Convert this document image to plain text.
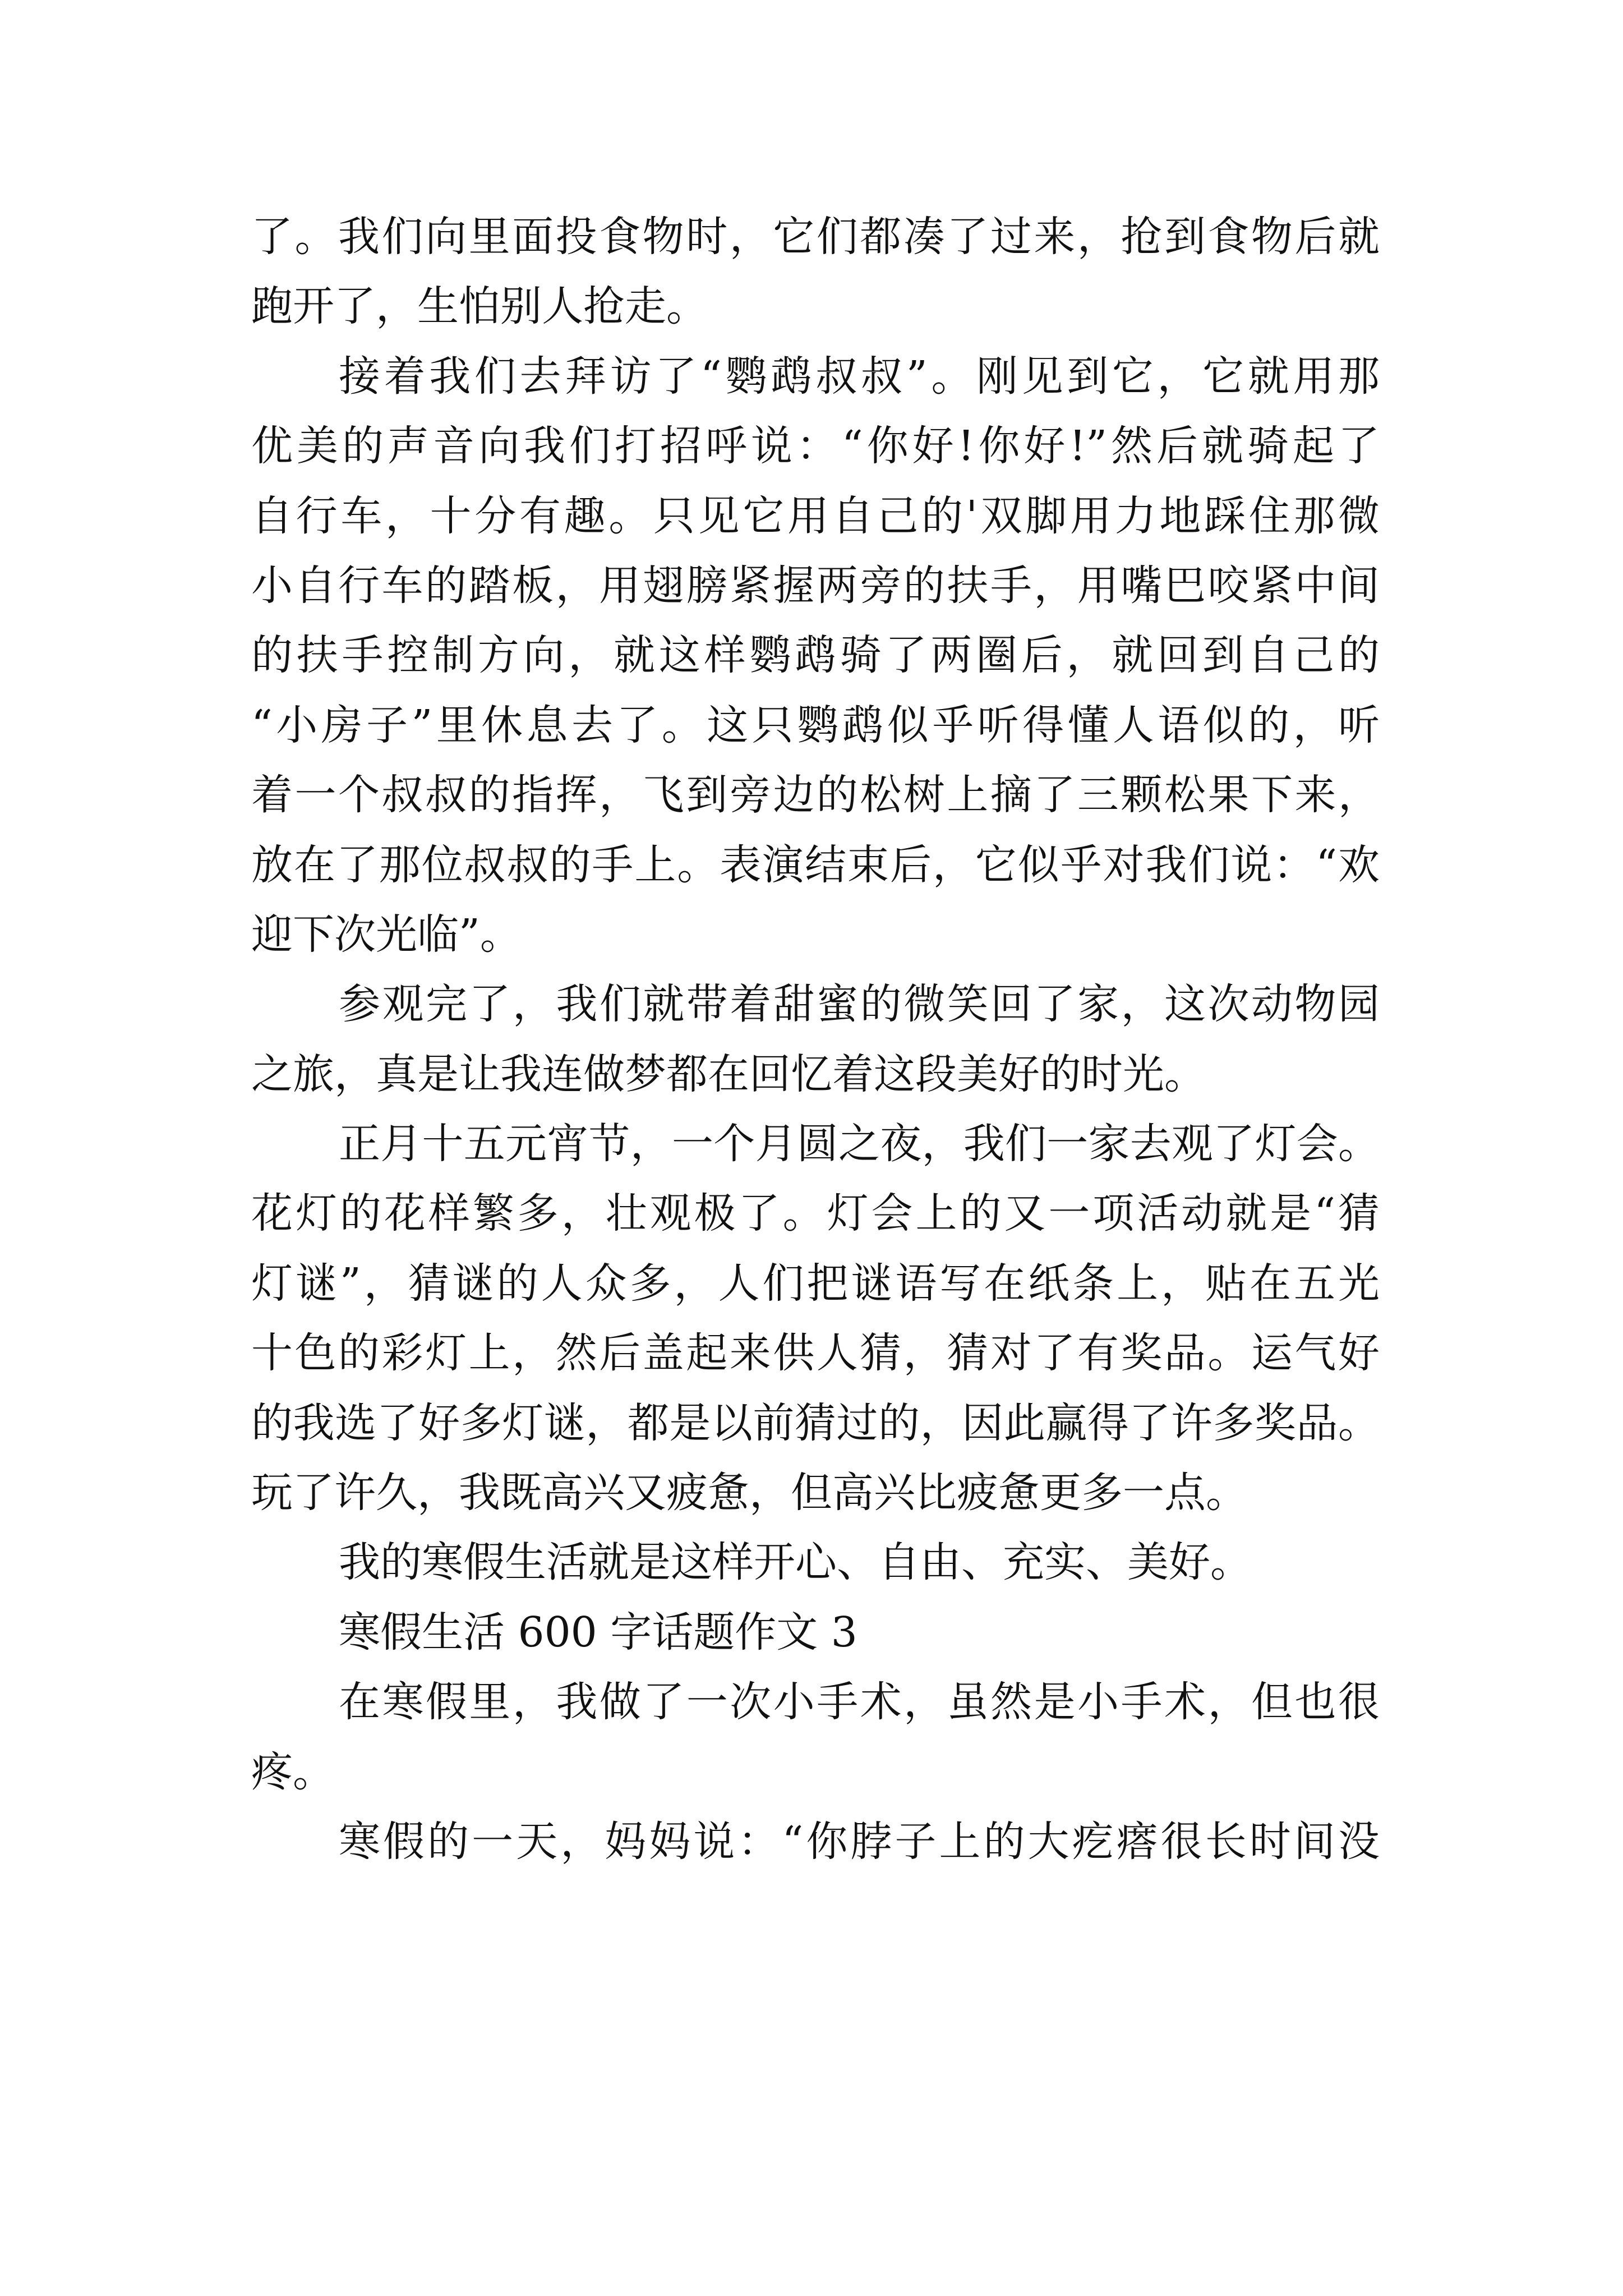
了。我们向里面投食物时，它们都凑了过来，抢到食物后就
跑开了，生怕别人抢走。
接着我们去拜访了“鹦鹉叔叔”。刚见到它，它就用那
优美的声音向我们打招呼说：“你好!你好!”然后就骑起了
自行车，十分有趣。只见它用自己的'双脚用力地踩住那微
小自行车的踏板，用翅膀紧握两旁的扶手，用嘴巴咬紧中间
的扶手控制方向，就这样鹦鹉骑了两圈后，就回到自己的
“小房子”里休息去了。这只鹦鹉似乎听得懂人语似的，听
着一个叔叔的指挥，飞到旁边的松树上摘了三颗松果下来，
放在了那位叔叔的手上。表演结束后，它似乎对我们说：“欢
迎下次光临”。
参观完了，我们就带着甜蜜的微笑回了家，这次动物园
之旅，真是让我连做梦都在回忆着这段美好的时光。
正月十五元宵节，一个月圆之夜，我们一家去观了灯会。
花灯的花样繁多，壮观极了。灯会上的又一项活动就是“猜
灯谜”，猜谜的人众多，人们把谜语写在纸条上，贴在五光
十色的彩灯上，然后盖起来供人猜，猜对了有奖品。运气好
的我选了好多灯谜，都是以前猜过的，因此赢得了许多奖品。
玩了许久，我既高兴又疲惫，但高兴比疲惫更多一点。
我的寒假生活就是这样开心、自由、充实、美好。
寒假生活 600 字话题作文 3
在寒假里，我做了一次小手术，虽然是小手术，但也很
疼。
寒假的一天，妈妈说：“你脖子上的大疙瘩很长时间没
